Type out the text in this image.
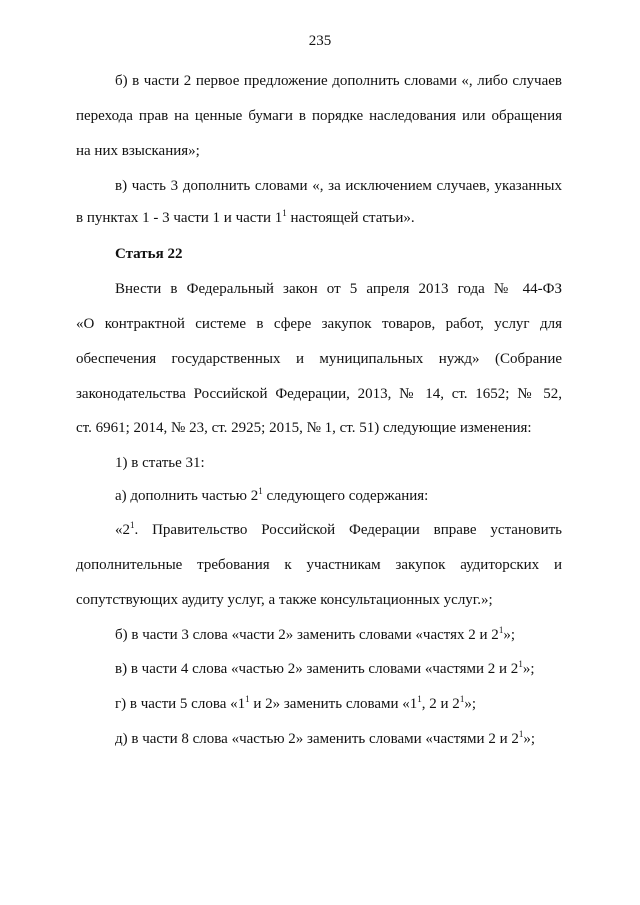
235
б) в части 2 первое предложение дополнить словами «, либо случаев
перехода прав на ценные бумаги в порядке наследования или обращения
на них взыскания»;
в) часть 3 дополнить словами «, за исключением случаев, указанных
в пунктах 1 - 3 части 1 и части $1^1$ настоящей статьи».
Статья 22
Внести в Федеральный закон от 5 апреля 2013 года № 44-ФЗ
«О контрактной системе в сфере закупок товаров, работ, услуг для
обеспечения государственных и муниципальных нужд» (Собрание
законодательства Российской Федерации, 2013, № 14, ст. 1652; № 52,
ст. 6961; 2014, № 23, ст. 2925; 2015, № 1, ст. 51) следующие изменения:
1) в статье 31:
а) дополнить частью $2^1$ следующего содержания:
«$2^1$. Правительство Российской Федерации вправе установить
дополнительные требования к участникам закупок аудиторских и
сопутствующих аудиту услуг, а также консультационных услуг.»;
б) в части 3 слова «части 2» заменить словами «частях 2 и $2^1$»;
в) в части 4 слова «частью 2» заменить словами «частями 2 и $2^1$»;
г) в части 5 слова «$1^1$ и 2» заменить словами «$1^1$, 2 и $2^1$»;
д) в части 8 слова «частью 2» заменить словами «частями 2 и $2^1$»;
